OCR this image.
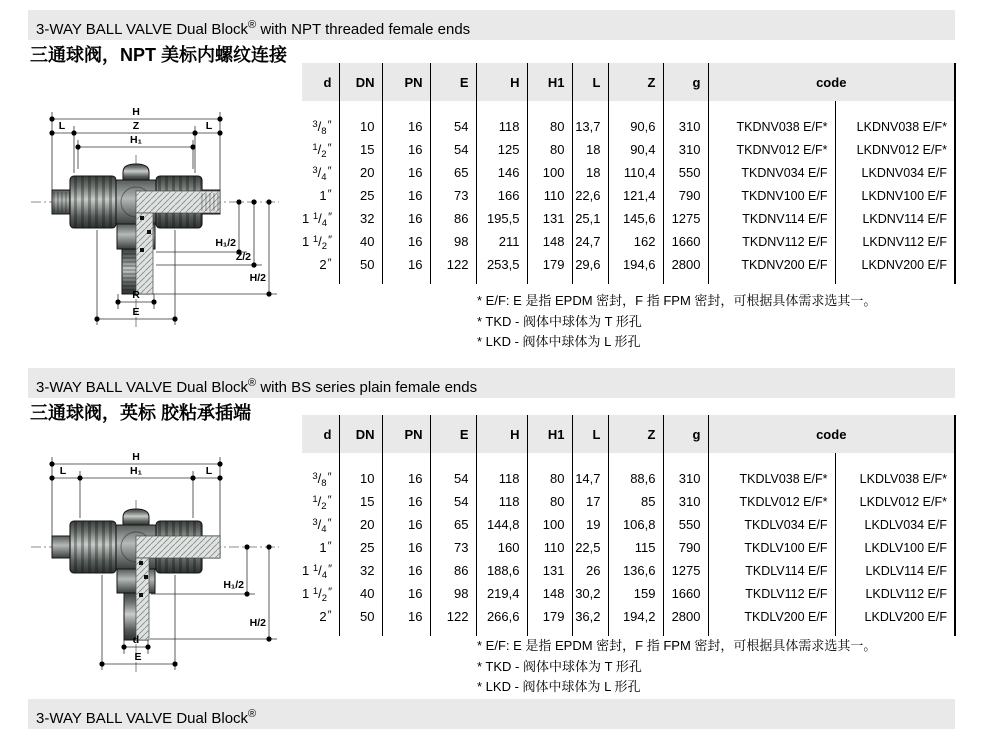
3-WAY BALL VALVE Dual Block® with NPT threaded female ends
三通球阀，NPT 美标内螺纹连接
H
L	Z	L
H₁
H₁/2
Z/2
H/2
R
E
d	DN	PN	E	H	H1	L	Z	g	code	
$^3$/8″	10	16	54	118	80	13,7	90,6	310	TKDNV038 E/F*	LKDNV038 E/F*
$^1$/2″	15	16	54	125	80	18	90,4	310	TKDNV012 E/F*	LKDNV012 E/F*
$^3$/4″	20	16	65	146	100	18	110,4	550	TKDNV034 E/F	LKDNV034 E/F
1″	25	16	73	166	110	22,6	121,4	790	TKDNV100 E/F	LKDNV100 E/F
1 $^1$/4″	32	16	86	195,5	131	25,1	145,6	1275	TKDNV114 E/F	LKDNV114 E/F
1 $^1$/2″	40	16	98	211	148	24,7	162	1660	TKDNV112 E/F	LKDNV112 E/F
2″	50	16	122	253,5	179	29,6	194,6	2800	TKDNV200 E/F	LKDNV200 E/F
* E/F: E 是指 EPDM 密封，F 指 FPM 密封，可根据具体需求选其一。
* TKD - 阀体中球体为 T 形孔
* LKD - 阀体中球体为 L 形孔
3-WAY BALL VALVE Dual Block® with BS series plain female ends
三通球阀，英标 胶粘承插端
H
L	H₁	L
H₁/2
H/2
d
E
d	DN	PN	E	H	H1	L	Z	g	code	
$^3$/8″	10	16	54	118	80	14,7	88,6	310	TKDLV038 E/F*	LKDLV038 E/F*
$^1$/2″	15	16	54	118	80	17	85	310	TKDLV012 E/F*	LKDLV012 E/F*
$^3$/4″	20	16	65	144,8	100	19	106,8	550	TKDLV034 E/F	LKDLV034 E/F
1″	25	16	73	160	110	22,5	115	790	TKDLV100 E/F	LKDLV100 E/F
1 $^1$/4″	32	16	86	188,6	131	26	136,6	1275	TKDLV114 E/F	LKDLV114 E/F
1 $^1$/2″	40	16	98	219,4	148	30,2	159	1660	TKDLV112 E/F	LKDLV112 E/F
2″	50	16	122	266,6	179	36,2	194,2	2800	TKDLV200 E/F	LKDLV200 E/F
* E/F: E 是指 EPDM 密封，F 指 FPM 密封，可根据具体需求选其一。
* TKD - 阀体中球体为 T 形孔
* LKD - 阀体中球体为 L 形孔
3-WAY BALL VALVE Dual Block®
